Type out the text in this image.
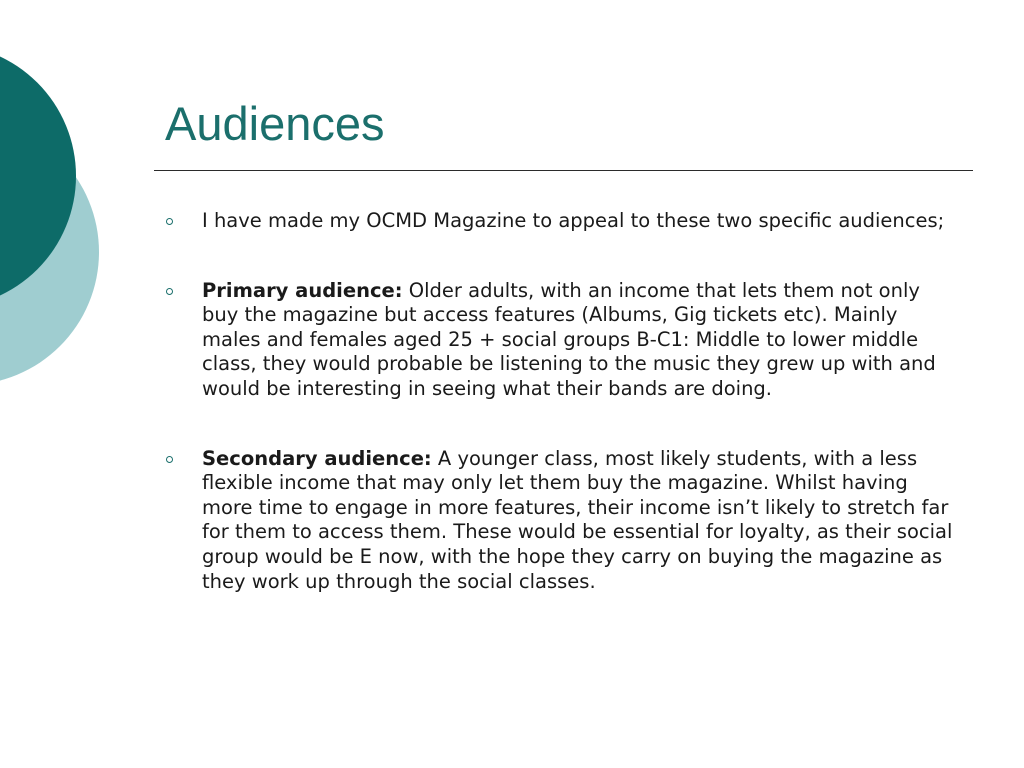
Audiences
I have made my OCMD Magazine to appeal to these two specific audiences;
Primary audience: Older adults, with an income that lets them not only buy the magazine but access features (Albums, Gig tickets etc). Mainly males and females aged 25 + social groups B-C1: Middle to lower middle class, they would probable be listening to the music they grew up with and would be interesting in seeing what their bands are doing.
Secondary audience: A younger class, most likely students, with a less flexible income that may only let them buy the magazine. Whilst having more time to engage in more features, their income isn’t likely to stretch far for them to access them. These would be essential for loyalty, as their social group would be E now, with the hope they carry on buying the magazine as they work up through the social classes.
